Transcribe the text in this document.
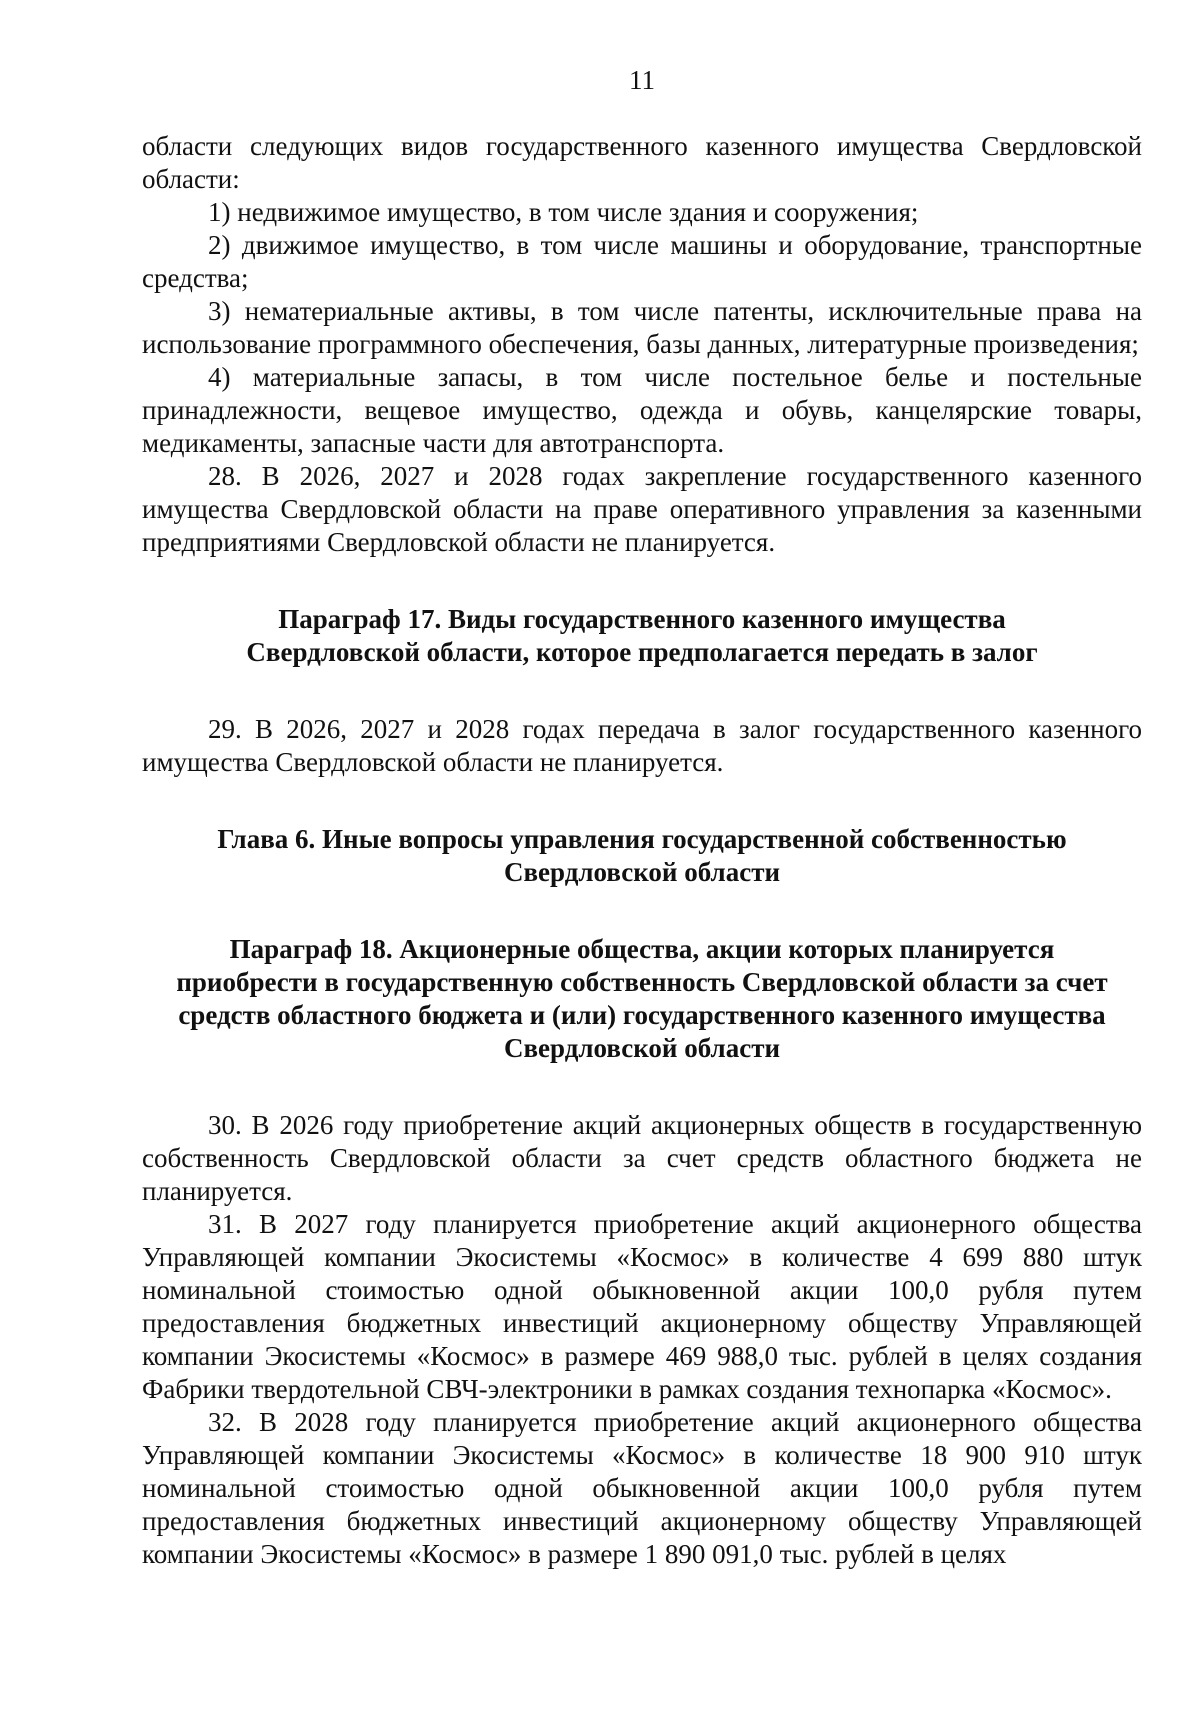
11

области следующих видов государственного казенного имущества Свердловской области:

1) недвижимое имущество, в том числе здания и сооружения;

2) движимое имущество, в том числе машины и оборудование, транспортные средства;

3) нематериальные активы, в том числе патенты, исключительные права на использование программного обеспечения, базы данных, литературные произведения;

4) материальные запасы, в том числе постельное белье и постельные принадлежности, вещевое имущество, одежда и обувь, канцелярские товары, медикаменты, запасные части для автотранспорта.

28. В 2026, 2027 и 2028 годах закрепление государственного казенного имущества Свердловской области на праве оперативного управления за казенными предприятиями Свердловской области не планируется.

Параграф 17. Виды государственного казенного имущества
Свердловской области, которое предполагается передать в залог

29. В 2026, 2027 и 2028 годах передача в залог государственного казенного имущества Свердловской области не планируется.

Глава 6. Иные вопросы управления государственной собственностью
Свердловской области
Параграф 18. Акционерные общества, акции которых планируется
приобрести в государственную собственность Свердловской области за счет
средств областного бюджета и (или) государственного казенного имущества
Свердловской области

30. В 2026 году приобретение акций акционерных обществ в государственную собственность Свердловской области за счет средств областного бюджета не планируется.

31. В 2027 году планируется приобретение акций акционерного общества Управляющей компании Экосистемы «Космос» в количестве 4 699 880 штук номинальной стоимостью одной обыкновенной акции 100,0 рубля путем предоставления бюджетных инвестиций акционерному обществу Управляющей компании Экосистемы «Космос» в размере 469 988,0 тыс. рублей в целях создания Фабрики твердотельной СВЧ-электроники в рамках создания технопарка «Космос».

32. В 2028 году планируется приобретение акций акционерного общества Управляющей компании Экосистемы «Космос» в количестве 18 900 910 штук номинальной стоимостью одной обыкновенной акции 100,0 рубля путем предоставления бюджетных инвестиций акционерному обществу Управляющей компании Экосистемы «Космос» в размере 1 890 091,0 тыс. рублей в целях
